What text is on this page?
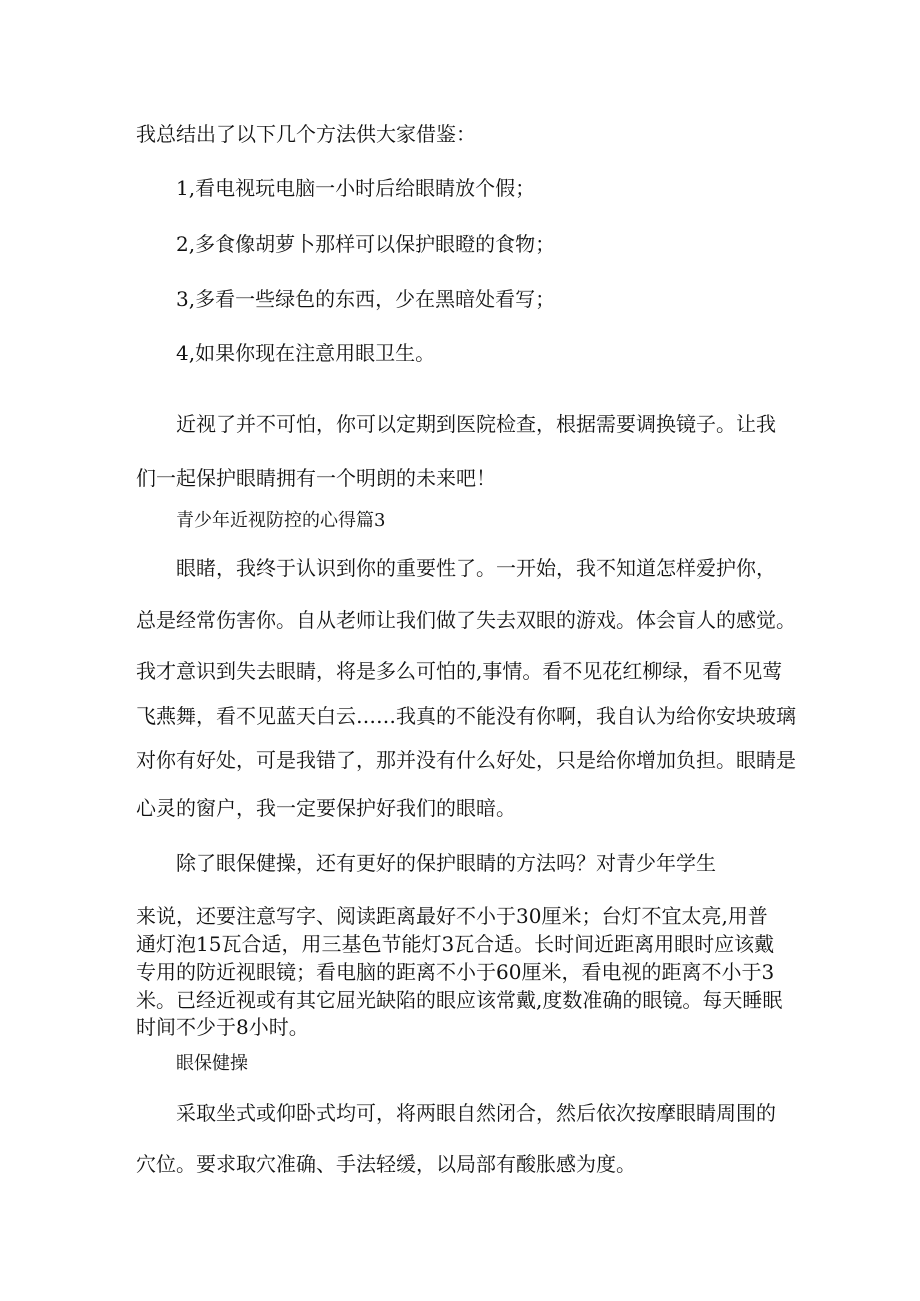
我总结出了以下几个方法供大家借鉴：

1,看电视玩电脑一小时后给眼睛放个假；

2,多食像胡萝卜那样可以保护眼瞪的食物；

3,多看一些绿色的东西，少在黑暗处看写；

4,如果你现在注意用眼卫生。

近视了并不可怕，你可以定期到医院检查，根据需要调换镜子。让我

们一起保护眼睛拥有一个明朗的未来吧！

青少年近视防控的心得篇3

眼睹，我终于认识到你的重要性了。一开始，我不知道怎样爱护你，

总是经常伤害你。自从老师让我们做了失去双眼的游戏。体会盲人的感觉。

我才意识到失去眼睛，将是多么可怕的,事情。看不见花红柳绿，看不见莺

飞燕舞，看不见蓝天白云……我真的不能没有你啊，我自认为给你安块玻璃

对你有好处，可是我错了，那并没有什么好处，只是给你增加负担。眼睛是

心灵的窗户，我一定要保护好我们的眼暗。

除了眼保健操，还有更好的保护眼睛的方法吗？对青少年学生

来说，还要注意写字、阅读距离最好不小于30厘米；台灯不宜太亮,用普

通灯泡15瓦合适，用三基色节能灯3瓦合适。长时间近距离用眼时应该戴

专用的防近视眼镜；看电脑的距离不小于60厘米，看电视的距离不小于3

米。已经近视或有其它屈光缺陷的眼应该常戴,度数准确的眼镜。每天睡眠

时间不少于8小时。

眼保健操

采取坐式或仰卧式均可，将两眼自然闭合，然后依次按摩眼睛周围的

穴位。要求取穴准确、手法轻缓，以局部有酸胀感为度。
